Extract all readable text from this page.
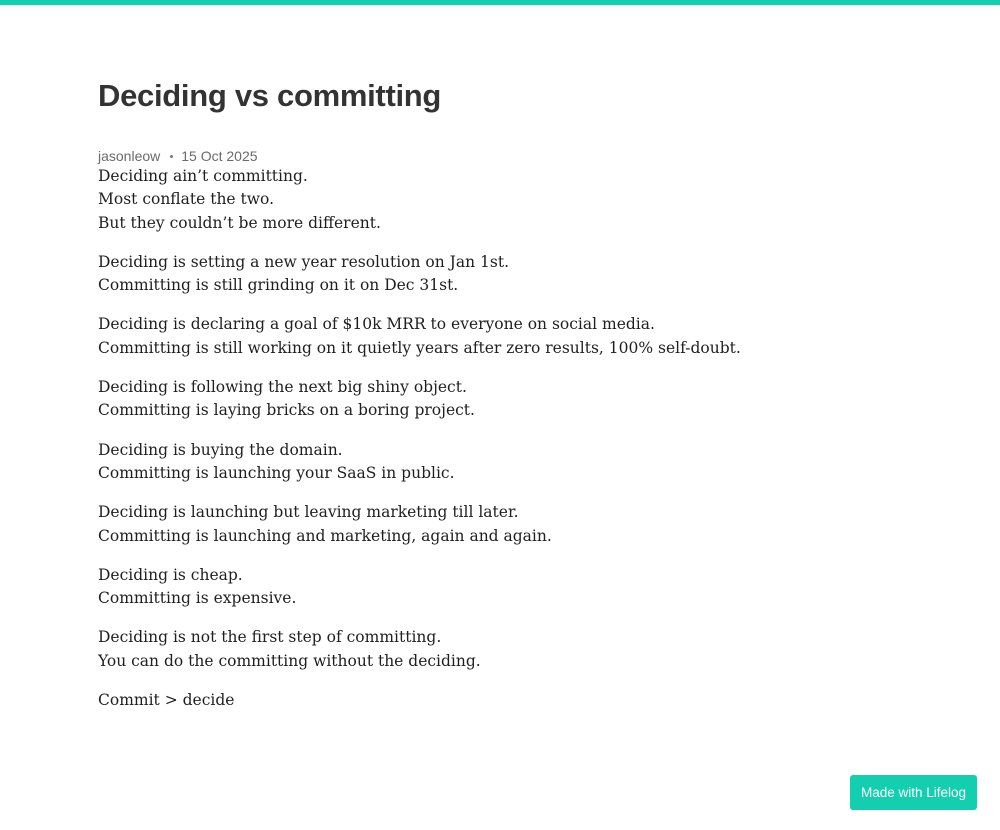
Deciding vs committing
jasonleow 15 Oct 2025

Deciding ain’t committing.
Most conflate the two.
But they couldn’t be more different.

Deciding is setting a new year resolution on Jan 1st.
Committing is still grinding on it on Dec 31st.

Deciding is declaring a goal of $10k MRR to everyone on social media.
Committing is still working on it quietly years after zero results, 100% self-doubt.

Deciding is following the next big shiny object.
Committing is laying bricks on a boring project.

Deciding is buying the domain.
Committing is launching your SaaS in public.

Deciding is launching but leaving marketing till later.
Committing is launching and marketing, again and again.

Deciding is cheap.
Committing is expensive.

Deciding is not the first step of committing.
You can do the committing without the deciding.

Commit > decide

Made with Lifelog
